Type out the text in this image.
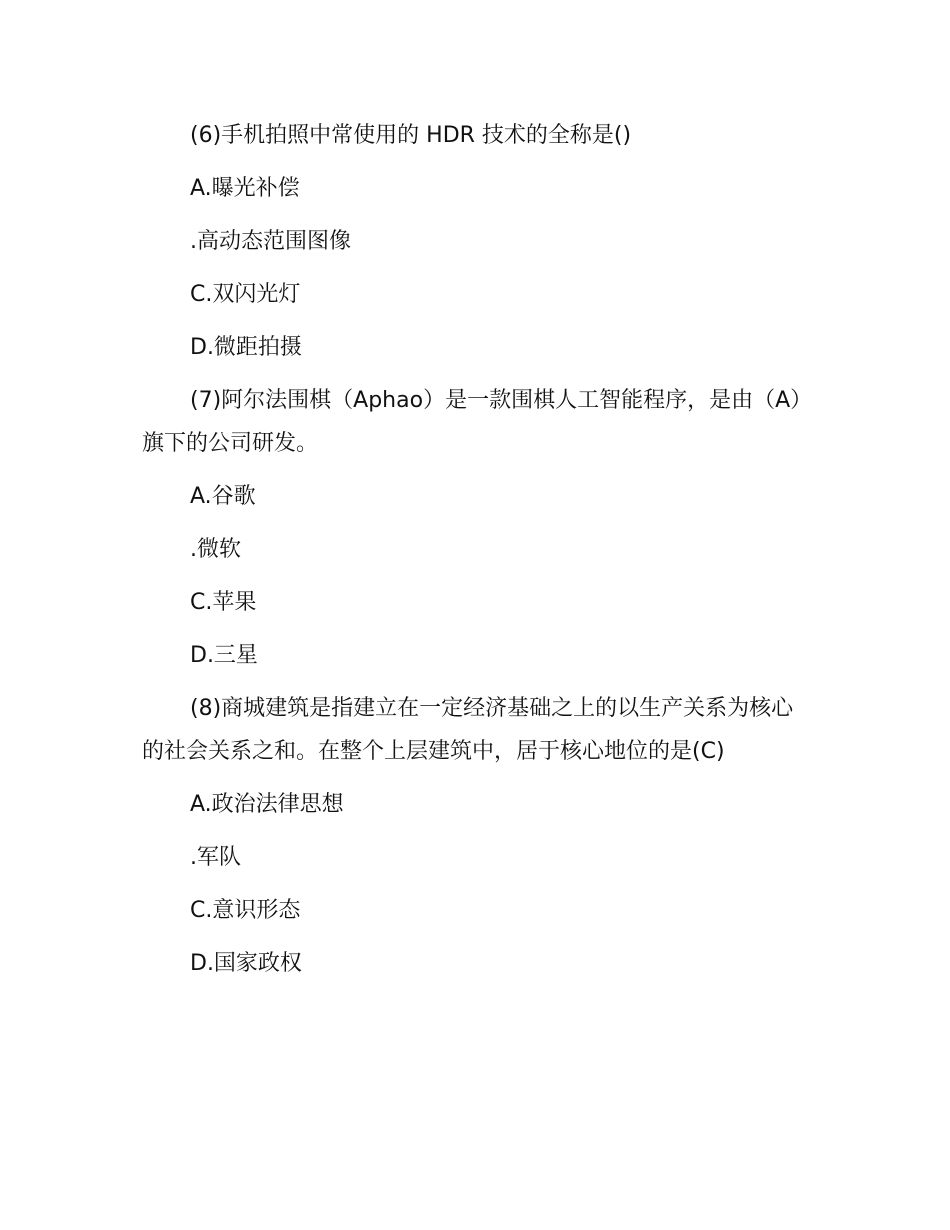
(6)手机拍照中常使用的 HDR 技术的全称是()

A.曝光补偿

.高动态范围图像

C.双闪光灯

D.微距拍摄

(7)阿尔法围棋（Aphao）是一款围棋人工智能程序，是由（A）旗下的公司研发。

A.谷歌

.微软

C.苹果

D.三星

(8)商城建筑是指建立在一定经济基础之上的以生产关系为核心的社会关系之和。在整个上层建筑中，居于核心地位的是(C)

A.政治法律思想

.军队

C.意识形态

D.国家政权
